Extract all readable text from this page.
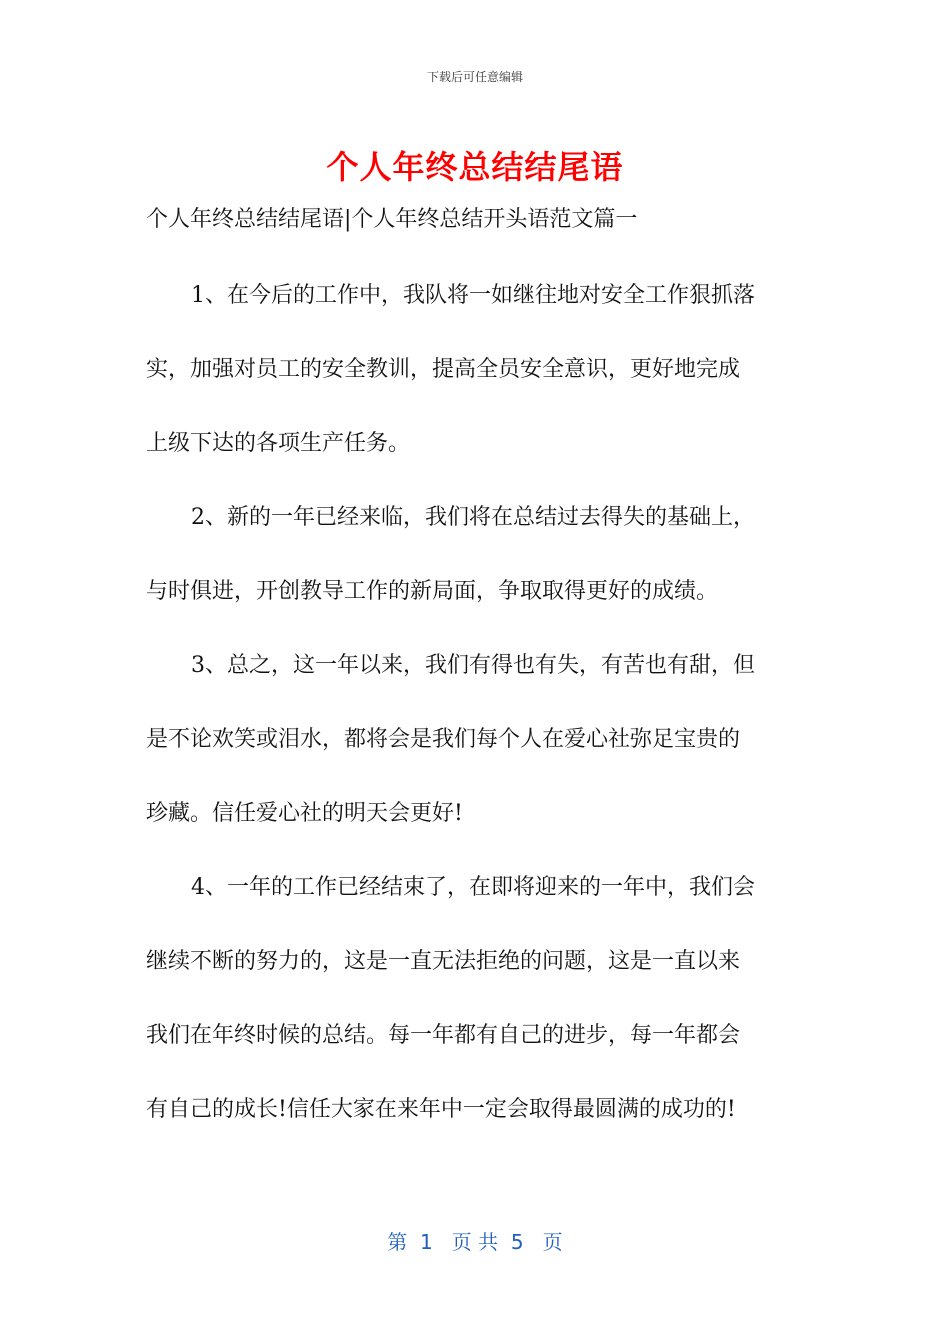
下载后可任意编辑
个人年终总结结尾语
个人年终总结结尾语|个人年终总结开头语范文篇一
1、在今后的工作中，我队将一如继往地对安全工作狠抓落
实，加强对员工的安全教训，提高全员安全意识，更好地完成
上级下达的各项生产任务。
2、新的一年已经来临，我们将在总结过去得失的基础上，
与时俱进，开创教导工作的新局面，争取取得更好的成绩。
3、总之，这一年以来，我们有得也有失，有苦也有甜，但
是不论欢笑或泪水，都将会是我们每个人在爱心社弥足宝贵的
珍藏。信任爱心社的明天会更好!
4、一年的工作已经结束了，在即将迎来的一年中，我们会
继续不断的努力的，这是一直无法拒绝的问题，这是一直以来
我们在年终时候的总结。每一年都有自己的进步，每一年都会
有自己的成长!信任大家在来年中一定会取得最圆满的成功的!
第  1   页 共  5   页
